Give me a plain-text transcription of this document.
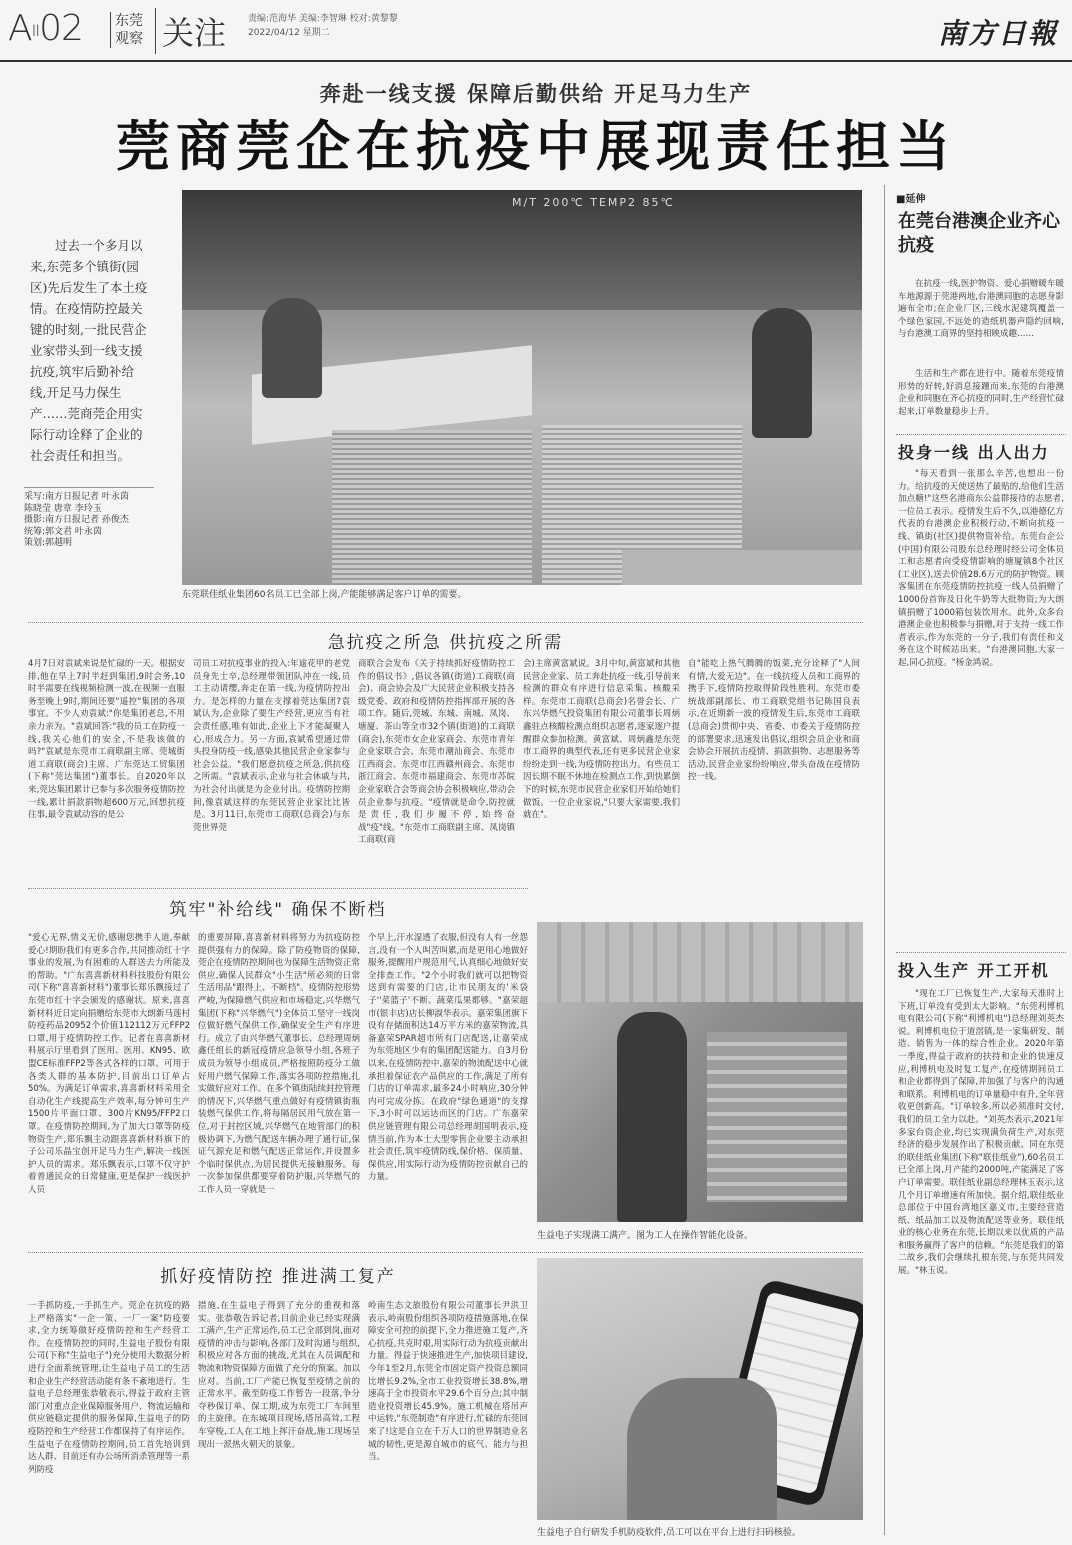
AII02 东莞
观察 关注 责编:范海华 美编:李智琳 校对:黄黎黎
2022/04/12 星期二	南方日報
奔赴一线支援 保障后勤供给 开足马力生产
莞商莞企在抗疫中展现责任担当
过去一个多月以来,东莞多个镇街(园区)先后发生了本土疫情。在疫情防控最关键的时刻,一批民营企业家带头到一线支援抗疫,筑牢后勤补给线,开足马力保生产……莞商莞企用实际行动诠释了企业的社会责任和担当。
采写:南方日报记者 叶永茵
陈晓莹 唐章 李玲玉
摄影:南方日报记者 孙俊杰
统筹:郭文君 叶永茵
策划:郭越明
M/T 200℃ TEMP2 85℃
东莞联佳纸业集团60名员工已全部上岗,产能能够满足客户订单的需要。
急抗疫之所急 供抗疫之所需
4月7日对袁斌来说是忙碌的一天。根据安排,他在早上7时半赶到集团,9时会务,10时半需要在线视频检测一波,在视频一直服务至晚上9时,期间还要"遥控"集团的各项事宜。不少人劝袁斌:"你是集团老总,不用亲力亲为。"袁斌回答:"我的员工在防疫一线,我关心他们的安全,不是我该做的吗?"袁斌是东莞市工商联副主席、莞城街道工商联(商会)主席、广东莞达工贸集团(下称"莞达集团")董事长。自2020年以来,莞达集团累计已参与多次服务疫情防控一线,累计捐款捐物超600万元,回想抗疫往事,最令袁斌动容的是公
司员工对抗疫事业的投入:年逾花甲的老党员身先士卒,总经理带领团队冲在一线,员工主动请缨,奔走在第一线,为疫情防控出力。是怎样的力量在支撑着莞达集团?袁斌认为,企业除了要生产经营,更应当有社会责任感,唯有如此,企业上下才能凝聚人心,形成合力。另一方面,袁斌希望通过带头投身防疫一线,感染其他民营企业家参与社会公益。"我们愿意抗疫之所急,供抗疫之所需。"袁斌表示,企业与社会休戚与共,为社会付出就是为企业付出。疫情防控期间,像袁斌这样的东莞民营企业家比比皆是。3月11日,东莞市工商联(总商会)与东莞世界莞
商联合会发布《关于持续抓好疫情防控工作的倡议书》,倡议各镇(街道)工商联(商会)、商会协会及广大民营企业积极支持各级党委、政府和疫情防控指挥部开展的各项工作。随后,莞城、东城、南城、凤岗、塘厦、茶山等全市32个镇(街道)的工商联(商会),东莞市女企业家商会、东莞市青年企业家联合会、东莞市潮汕商会、东莞市江西商会、东莞市江西赣州商会、东莞市浙江商会、东莞市福建商会、东莞市苏皖企业家联合会等商会协会积极响应,带动会员企业参与抗疫。"疫情就是命令,防控就是责任,我们步履不停,始终奋战"疫"线。"东莞市工商联副主席、凤岗镇工商联(商
会)主席黄富斌说。3月中旬,黄富斌和其他民营企业家、员工奔赴抗疫一线,引导前来检测的群众有序进行信息采集、核酸采样。东莞市工商联(总商会)名誉会长、广东兴华燃气投资集团有限公司董事长周炳鑫驻点核酸检测点组织志愿者,逐家逐户提醒群众参加检测。黄富斌、周炳鑫是东莞市工商界的典型代表,还有更多民营企业家纷纷走到一线,为疫情防控出力。有些员工因长期不眠不休地在检测点工作,到快累倒下的时候,东莞市民营企业家们开始给她们做饭。一位企业家说,"只要大家需要,我们就在"。
自"能吃上热气腾腾的饭菜,充分诠释了"人间有情,大爱无边"。在一线抗疫人员和工商界的携手下,疫情防控取得阶段性胜利。东莞市委统战部副部长、市工商联党组书记陈国良表示,在近期新一波的疫情发生后,东莞市工商联(总商会)贯彻中央、省委、市委关于疫情防控的部署要求,迅速发出倡议,组织会员企业和商会协会开展抗击疫情、捐款捐物、志愿服务等活动,民营企业家纷纷响应,带头奋战在疫情防控一线。
筑牢"补给线" 确保不断档
"爱心无界,情义无价,感谢您携手人道,奉献爱心!期盼我们有更多合作,共同推动红十字事业的发展,为有困难的人群送去力所能及的帮助。"广东喜喜新材料科技股份有限公司(下称"喜喜新材料")董事长郑乐飘接过了东莞市红十字会颁发的感谢状。原来,喜喜新材料近日定向捐赠给东莞市大朗新马莲村防疫药品20952个价值112112万元FFP2口罩,用于疫情防控工作。记者在喜喜新材料展示厅里看到了医用、医用、KN95、欧盟CE标准FFP2等各式各样的口罩。可用于各类人群的基本防护,目前出口订单占50%。为满足订单需求,喜喜新材料采用全自动化生产线提高生产效率,每分钟可生产1500片平面口罩、300片KN95/FFP2口罩。在疫情防控期间,为了加大口罩等防疫物资生产,郑乐飘主动跟喜喜新材料旗下的子公司乐晶宝创开足马力生产,解决一线医护人员的需求。郑乐飘表示,口罩不仅守护着普通民众的日常健康,更是保护一线医护人员
的重要屏障,喜喜新材料将努力为抗疫防控提供强有力的保障。除了防疫物资的保障,莞企在疫情防控期间也为保障生活物资正常供应,确保人民群众"小生活"所必须的日常生活用品"跟得上、不断档"。疫情防控形势严峻,为保障燃气供应和市场稳定,兴华燃气集团(下称"兴华燃气")全体员工坚守一线岗位做好燃气保供工作,确保安全生产有序进行。成立了由兴华燃气董事长、总经理周炳鑫任组长的新冠疫情应急领导小组,各班子成员为领导小组成员,严格按照防疫分工做好用户燃气保障工作,落实各项防控措施,扎实做好应对工作。在多个镇街陆续封控管理的情况下,兴华燃气重点做好有疫情镇街瓶装燃气保供工作,将每隔居民用气放在第一位,对于封控区域,兴华燃气在地管部门的积极协调下,为燃气配送车辆办理了通行证,保证气源充足和燃气配送正常运作,并设置多个临时保供点,为居民提供无接触服务。每一次参加保供都要穿着防护服,兴华燃气的工作人员一穿就是一
个早上,汗水湿透了衣服,但没有人有一丝怨言,没有一个人叫苦叫累,而是更用心地做好服务,提醒用户规范用气,认真细心地做好安全排查工作。"2个小时我们就可以把物资送到有需要的门店,让市民朋友的'米袋子''菜篮子'不断、蔬菜瓜果都够。"嘉荣超市(银丰店)店长柳淑华表示。嘉荣集团旗下设有存储面积达14万平方米的嘉荣物流,具备嘉荣SPAR超市所有门店配送,让嘉荣成为东莞地区少有的集团配送能力。自3月份以来,在疫情防控中,嘉荣的物流配送中心就承担着保证农产品供应的工作,满足了所有门店的订单需求,最多24小时响应,30分钟内可完成分拣。在政府"绿色通道"的支撑下,3小时可以运达而区的门店。广东嘉荣供应链管理有限公司总经理胡国明表示,疫情当前,作为本土大型零售企业要主动承担社会责任,筑牢疫情防线,保价格、保质量、保供应,用实际行动为疫情防控贡献自己的力量。
生益电子实现满工满产。图为工人在操作智能化设备。
抓好疫情防控 推进满工复产
一手抓防疫,一手抓生产。莞企在抗疫的路上严格落实"一企一策、一厂一案"防疫要求,全力统筹做好疫情防控和生产经营工作。在疫情防控的同时,生益电子股份有限公司(下称"生益电子")充分使用大数据分析进行全面系统管理,让生益电子员工的生活和企业生产经营活动能有条不紊地进行。生益电子总经理张恭敬表示,得益于政府主管部门对重点企业保障服务用户、物流运输和供应链稳定提供的服务保障,生益电子的防疫防控和生产经营工作都保持了有序运作。生益电子在疫情防控期间,员工首先培训到达人群、目前还有办公场所消杀管理等一系列防疫
措施,在生益电子得到了充分的重视和落实。张恭敬告诉记者,目前企业已经实现满工满产,生产正常运作,员工已全部到岗,面对疫情的冲击与影响,各部门及时沟通与组织,积极应对各方面的挑战,尤其在人员调配和物流和物资保障方面做了充分的预案。加以应对。当前,工厂产能已恢复至疫情之前的正常水平。截至防疫工作暂告一段落,争分夺秒保订单、保工期,成为东莞工厂车间里的主旋律。在东城项目现场,塔吊高耸,工程车穿梭,工人在工地上挥汗奋战,施工现场呈现出一派热火朝天的景象。
岭南生态文旅股份有限公司董事长尹洪卫表示,岭南股份组织各项防疫措施落地,在保障安全可控的前提下,全力推进施工复产,齐心抗疫,共克时艰,用实际行动为抗疫贡献出力量。得益于快速推进生产,加快项目建设,今年1至2月,东莞全市固定资产投资总额同比增长9.2%,全市工业投资增长38.8%,增速高于全市投资水平29.6个百分点;其中制造业投资增长45.9%。施工机械在塔吊声中运转,"东莞制造"有序进行,忙碌的东莞回来了!这是自立在千万人口的世界制造业名城的韧性,更是源自城市的底气、能力与担当。
生益电子自行研发手机防疫软件,员工可以在平台上进行扫码核验。
■延伸
在莞台港澳企业齐心抗疫
在抗疫一线,医护物资、爱心捐赠暖车暖车地源源于莞港两地,台港澳同胞的志愿身影遍布全市;在企业厂区,三线水泥建筑覆盖一个绿色家园,不远处的造纸机器声隐约回响,与台港澳工商界的坚持相映成趣……
生活和生产都在进行中。随着东莞疫情形势的好转,好消息接踵而来,东莞的台港澳企业和同胞在齐心抗疫的同时,生产经营忙碌起来,订单数量稳步上升。
投身一线 出人出力
"每天看到一张那么辛苦,也想出一份力。给抗疫的天使送热了最贴的,给他们生活加点糖!"这些名港商东公益群接待的志愿者,一位员工表示。疫情发生后不久,以港德亿方代表的台港澳企业积极行动,不断向抗疫一线、镇街(社区)提供物资补给。东莞台企公(中国)有限公司股东总经理时经公司全体员工和志愿者向受疫情影响的塘厦镇8个社区(工业区),送去价值28.6万元的防护物资。顾客集团在东莞疫情防控抗疫一线人员捐赠了1000份首饰及日化牛奶等大批物资;为大朗镇捐赠了1000箱包装饮用水。此外,众多台港澳企业也积极参与捐赠,对于支持一线工作者表示,作为东莞的一分子,我们有责任和义务在这个时候站出来。"台港澳同胞,大家一起,同心抗疫。"杨金鸿说。
投入生产 开工开机
"现在工厂已恢复生产,大家每天准时上下班,订单没有受到太大影响。"东莞利博机电有限公司(下称"利博机电")总经理刘英杰说。利博机电位于道滘镇,是一家集研发、制造、销售为一体的综合性企业。2020年第一季度,得益于政府的扶持和企业的快速反应,利博机电及时复工复产,在疫情期间员工和企业都得到了保障,并加强了与客户的沟通和联系。利博机电的订单量稳中有升,全年营收更创新高。"订单较多,所以必须准时交付,我们的员工全力以赴。"刘英杰表示,2021年多家台资企业,均已实现满负荷生产,对东莞经济的稳步发展作出了积极贡献。同在东莞的联佳纸业集团(下称"联佳纸业"),60名员工已全部上岗,月产能约2000吨,产能满足了客户订单需要。联佳纸业副总经理林玉表示,这几个月订单增速有所加快。据介绍,联佳纸业总部位于中国台湾地区嘉义市,主要经营造纸、纸品加工以及物流配送等业务。联佳纸业的核心业务在东莞,长期以来以优质的产品和服务赢得了客户的信赖。"东莞是我们的第二故乡,我们会继续扎根东莞,与东莞共同发展。"林玉说。
